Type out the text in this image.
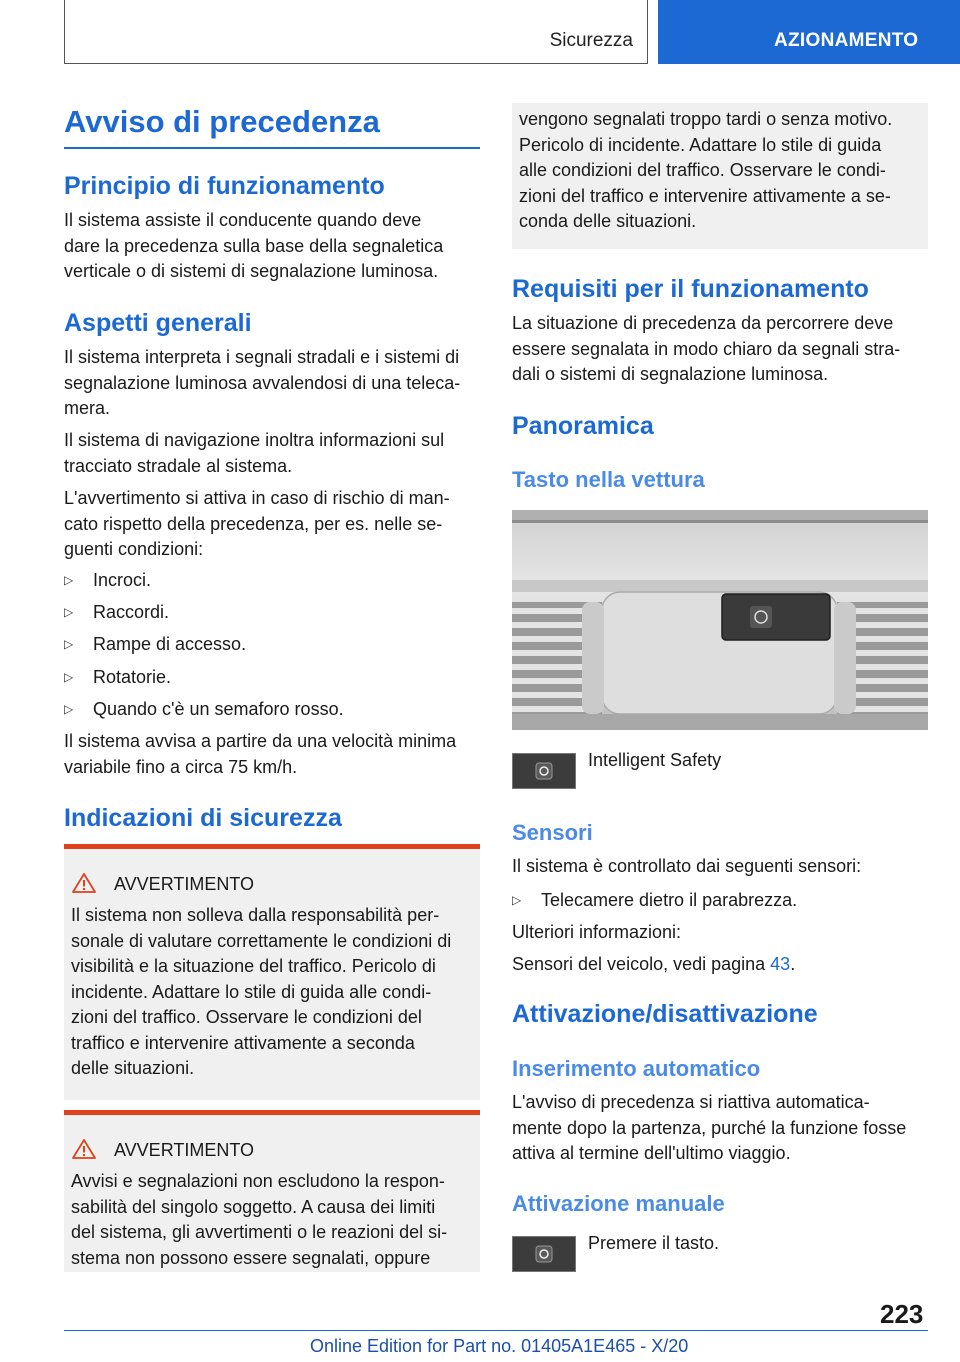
Sicurezza	AZIONAMENTO
Avviso di precedenza
Principio di funzionamento
Il sistema assiste il conducente quando deve
dare la precedenza sulla base della segnaletica
verticale o di sistemi di segnalazione luminosa.
Aspetti generali
Il sistema interpreta i segnali stradali e i sistemi di
segnalazione luminosa avvalendosi di una teleca-
mera.
Il sistema di navigazione inoltra informazioni sul
tracciato stradale al sistema.
L'avvertimento si attiva in caso di rischio di man-
cato rispetto della precedenza, per es. nelle se-
guenti condizioni:
▷ Incroci.
▷ Raccordi.
▷ Rampe di accesso.
▷ Rotatorie.
▷ Quando c'è un semaforo rosso.
Il sistema avvisa a partire da una velocità minima
variabile fino a circa 75 km/h.
Indicazioni di sicurezza
AVVERTIMENTO
Il sistema non solleva dalla responsabilità per-
sonale di valutare correttamente le condizioni di
visibilità e la situazione del traffico. Pericolo di
incidente. Adattare lo stile di guida alle condi-
zioni del traffico. Osservare le condizioni del
traffico e intervenire attivamente a seconda
delle situazioni.
AVVERTIMENTO
Avvisi e segnalazioni non escludono la respon-
sabilità del singolo soggetto. A causa dei limiti
del sistema, gli avvertimenti o le reazioni del si-
stema non possono essere segnalati, oppure
vengono segnalati troppo tardi o senza motivo.
Pericolo di incidente. Adattare lo stile di guida
alle condizioni del traffico. Osservare le condi-
zioni del traffico e intervenire attivamente a se-
conda delle situazioni.
Requisiti per il funzionamento
La situazione di precedenza da percorrere deve
essere segnalata in modo chiaro da segnali stra-
dali o sistemi di segnalazione luminosa.
Panoramica
Tasto nella vettura
Intelligent Safety
Sensori
Il sistema è controllato dai seguenti sensori:
▷ Telecamere dietro il parabrezza.
Ulteriori informazioni:
Sensori del veicolo, vedi pagina 43.
Attivazione/disattivazione
Inserimento automatico
L'avviso di precedenza si riattiva automatica-
mente dopo la partenza, purché la funzione fosse
attiva al termine dell'ultimo viaggio.
Attivazione manuale
Premere il tasto.
223
Online Edition for Part no. 01405A1E465 - X/20
